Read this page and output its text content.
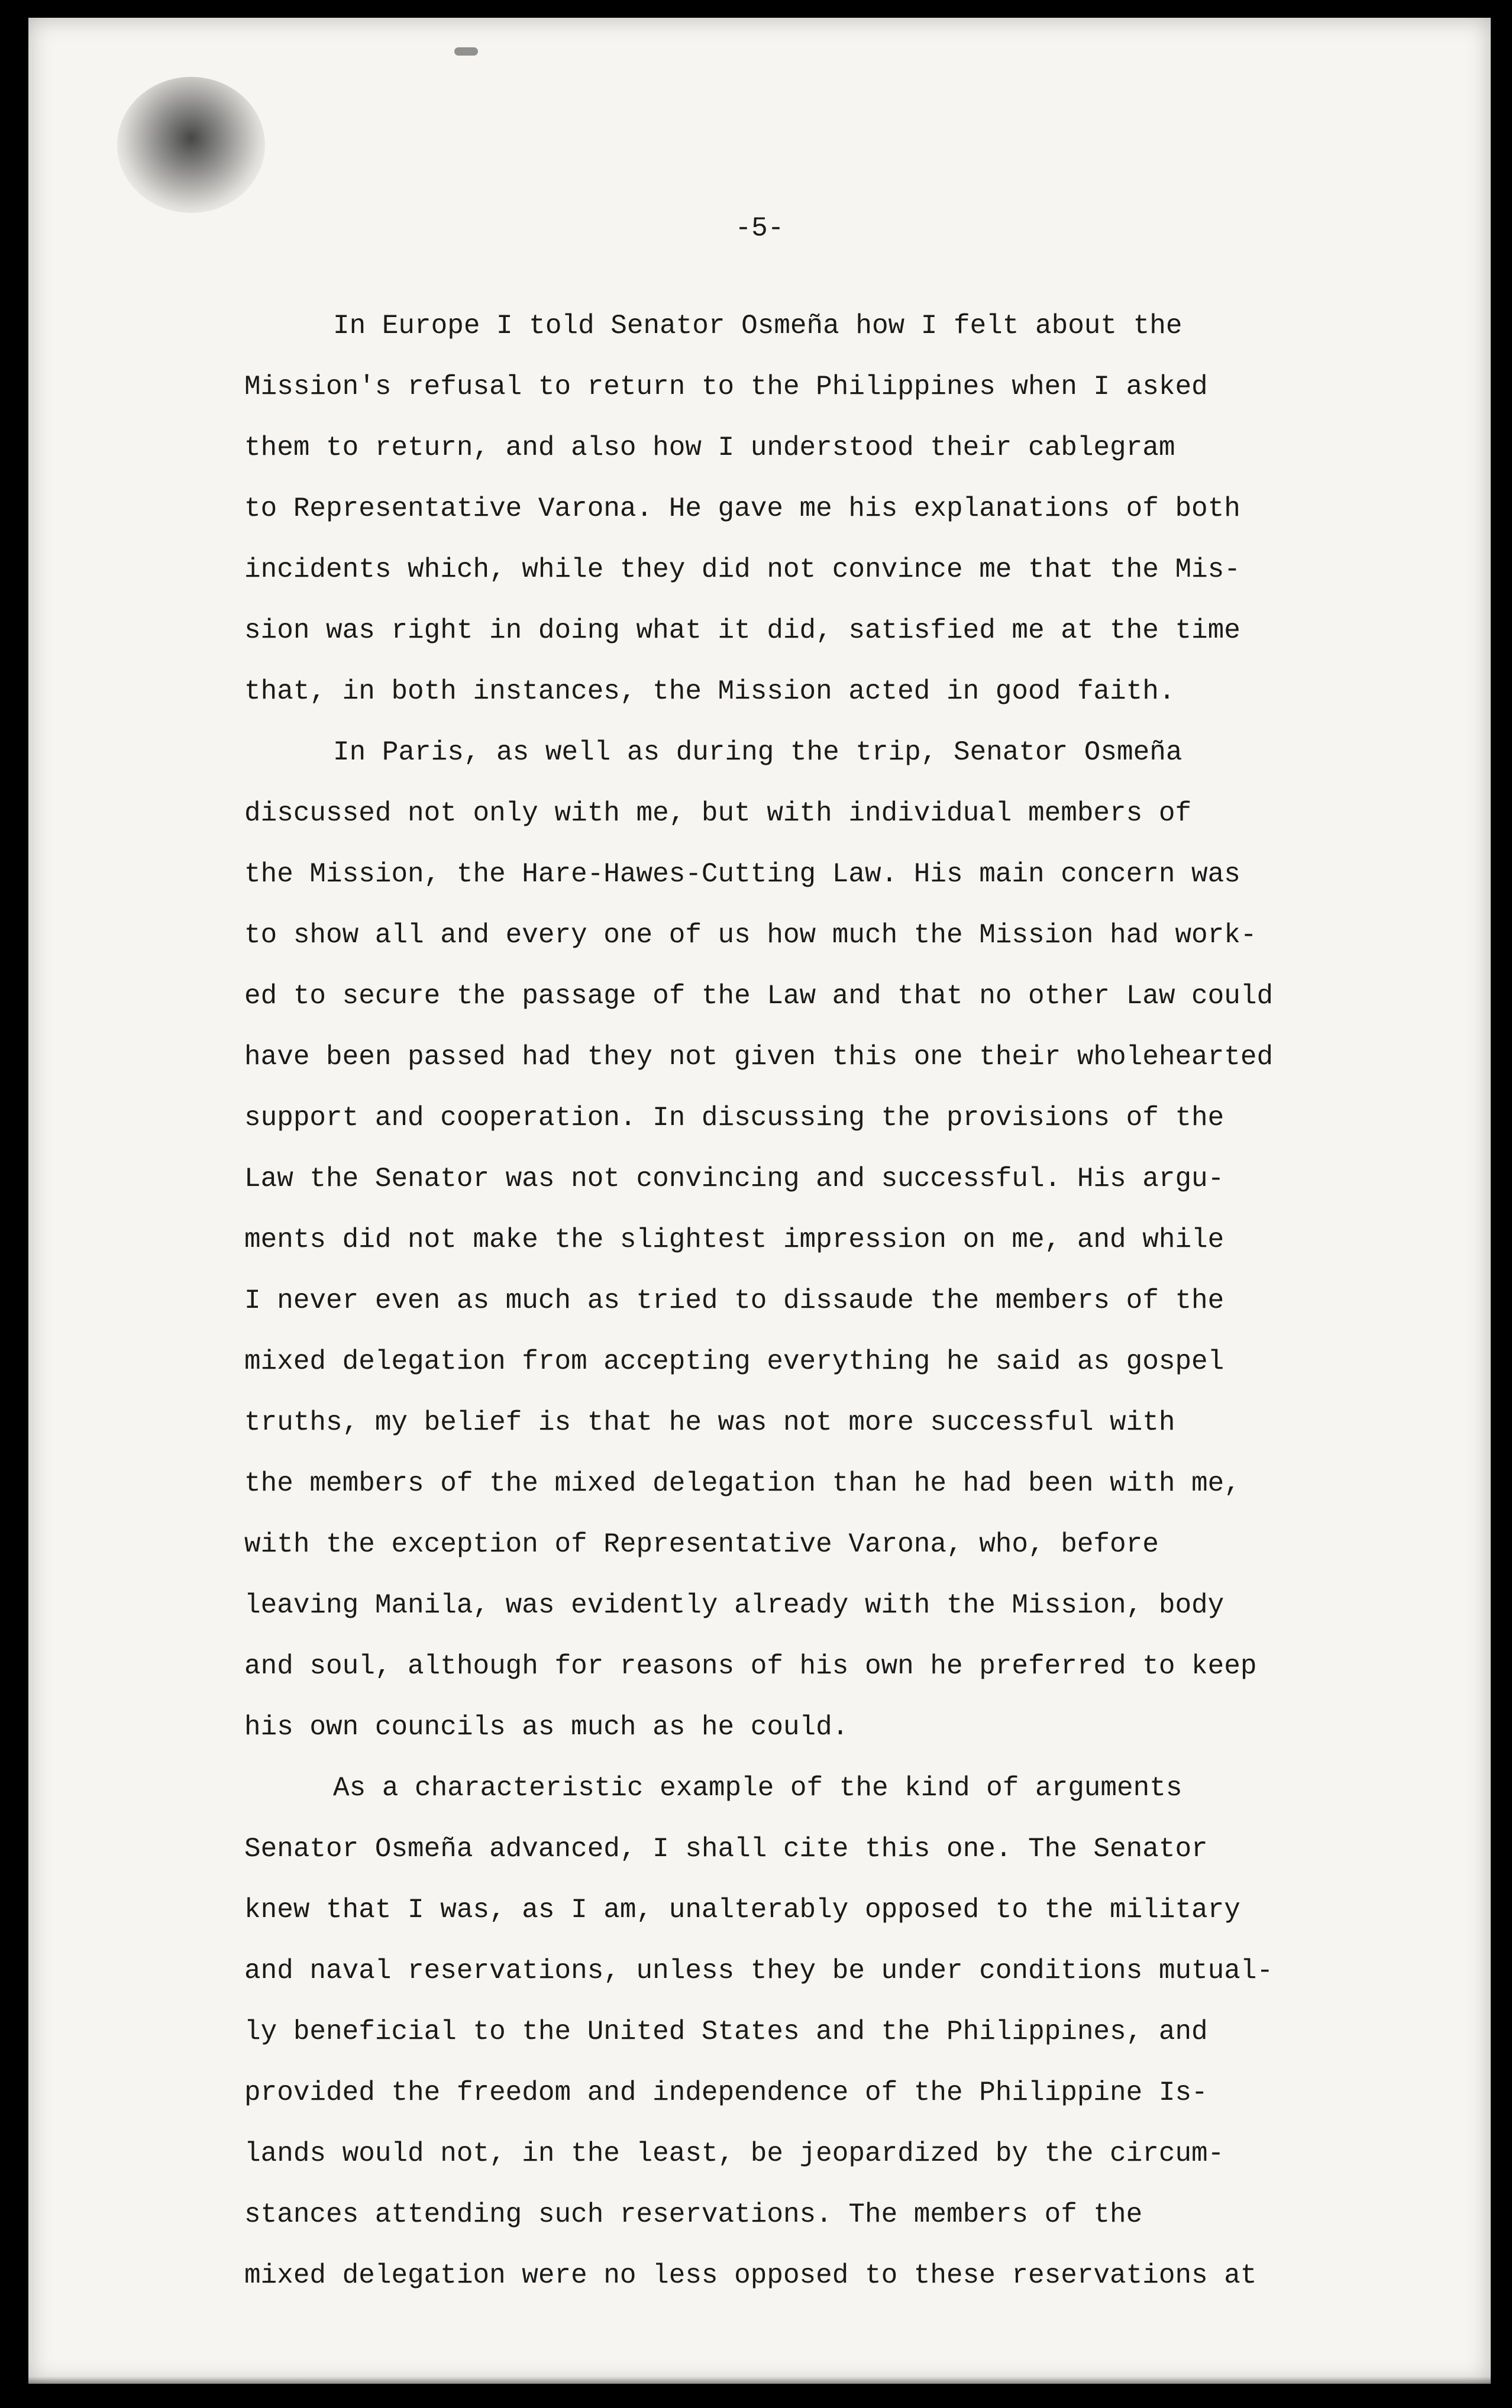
-5-
In Europe I told Senator Osmeña how I felt about the
Mission's refusal to return to the Philippines when I asked
them to return, and also how I understood their cablegram
to Representative Varona. He gave me his explanations of both
incidents which, while they did not convince me that the Mis-
sion was right in doing what it did, satisfied me at the time
that, in both instances, the Mission acted in good faith.
In Paris, as well as during the trip, Senator Osmeña
discussed not only with me, but with individual members of
the Mission, the Hare-Hawes-Cutting Law. His main concern was
to show all and every one of us how much the Mission had work-
ed to secure the passage of the Law and that no other Law could
have been passed had they not given this one their wholehearted
support and cooperation. In discussing the provisions of the
Law the Senator was not convincing and successful. His argu-
ments did not make the slightest impression on me, and while
I never even as much as tried to dissaude the members of the
mixed delegation from accepting everything he said as gospel
truths, my belief is that he was not more successful with
the members of the mixed delegation than he had been with me,
with the exception of Representative Varona, who, before
leaving Manila, was evidently already with the Mission, body
and soul, although for reasons of his own he preferred to keep
his own councils as much as he could.
As a characteristic example of the kind of arguments
Senator Osmeña advanced, I shall cite this one. The Senator
knew that I was, as I am, unalterably opposed to the military
and naval reservations, unless they be under conditions mutual-
ly beneficial to the United States and the Philippines, and
provided the freedom and independence of the Philippine Is-
lands would not, in the least, be jeopardized by the circum-
stances attending such reservations. The members of the
mixed delegation were no less opposed to these reservations at
